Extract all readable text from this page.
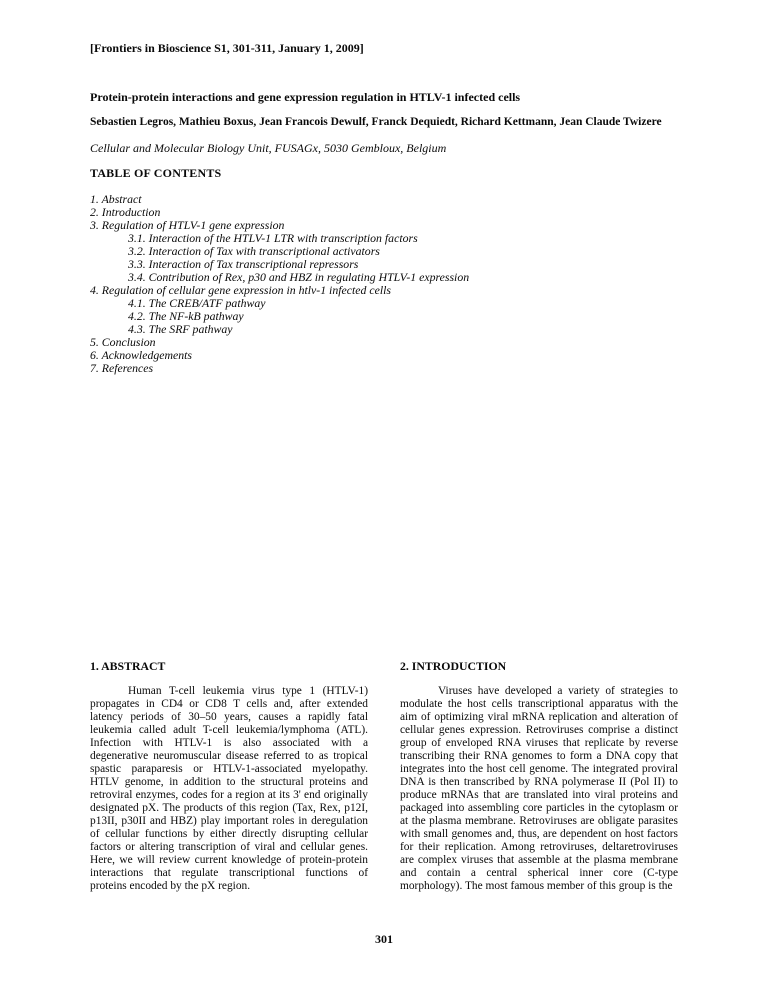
[Frontiers in Bioscience S1, 301-311, January 1, 2009]
Protein-protein interactions and gene expression regulation in HTLV-1 infected cells
Sebastien Legros, Mathieu Boxus, Jean Francois Dewulf, Franck Dequiedt, Richard Kettmann, Jean Claude Twizere
Cellular and Molecular Biology Unit, FUSAGx, 5030 Gembloux, Belgium
TABLE OF CONTENTS
1. Abstract
2. Introduction
3. Regulation of HTLV-1 gene expression
3.1. Interaction of the HTLV-1 LTR with transcription factors
3.2. Interaction of Tax with transcriptional activators
3.3. Interaction of Tax transcriptional repressors
3.4. Contribution of Rex, p30 and HBZ in regulating HTLV-1 expression
4. Regulation of cellular gene expression in htlv-1 infected cells
4.1. The CREB/ATF pathway
4.2. The NF-kB pathway
4.3. The SRF pathway
5. Conclusion
6. Acknowledgements
7. References
1. ABSTRACT

Human T-cell leukemia virus type 1 (HTLV-1) propagates in CD4 or CD8 T cells and, after extended latency periods of 30–50 years, causes a rapidly fatal leukemia called adult T-cell leukemia/lymphoma (ATL). Infection with HTLV-1 is also associated with a degenerative neuromuscular disease referred to as tropical spastic paraparesis or HTLV-1-associated myelopathy. HTLV genome, in addition to the structural proteins and retroviral enzymes, codes for a region at its 3' end originally designated pX. The products of this region (Tax, Rex, p12I, p13II, p30II and HBZ) play important roles in deregulation of cellular functions by either directly disrupting cellular factors or altering transcription of viral and cellular genes. Here, we will review current knowledge of protein-protein interactions that regulate transcriptional functions of proteins encoded by the pX region.

2. INTRODUCTION

Viruses have developed a variety of strategies to modulate the host cells transcriptional apparatus with the aim of optimizing viral mRNA replication and alteration of cellular genes expression. Retroviruses comprise a distinct group of enveloped RNA viruses that replicate by reverse transcribing their RNA genomes to form a DNA copy that integrates into the host cell genome. The integrated proviral DNA is then transcribed by RNA polymerase II (Pol II) to produce mRNAs that are translated into viral proteins and packaged into assembling core particles in the cytoplasm or at the plasma membrane. Retroviruses are obligate parasites with small genomes and, thus, are dependent on host factors for their replication. Among retroviruses, deltaretroviruses are complex viruses that assemble at the plasma membrane and contain a central spherical inner core (C-type morphology). The most famous member of this group is the

301
